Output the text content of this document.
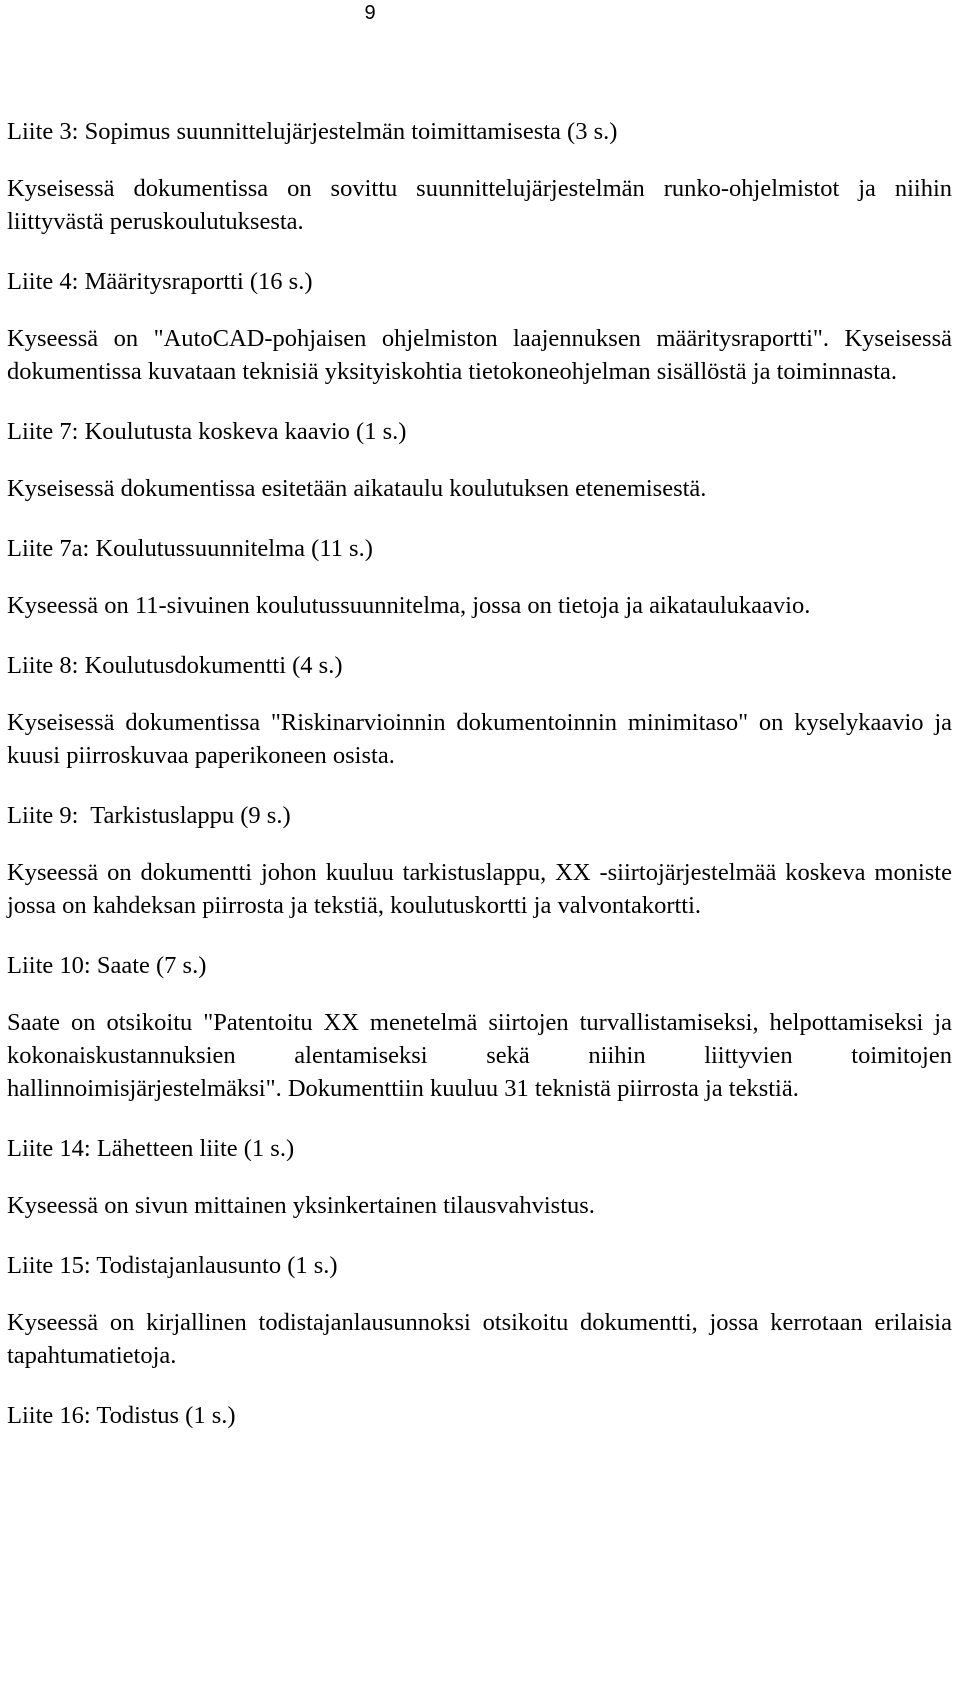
9

Liite 3: Sopimus suunnittelujärjestelmän toimittamisesta (3 s.)

Kyseisessä dokumentissa on sovittu suunnittelujärjestelmän runko-ohjelmistot ja niihin liittyvästä peruskoulutuksesta.

Liite 4: Määritysraportti (16 s.)

Kyseessä on "AutoCAD-pohjaisen ohjelmiston laajennuksen määritysraportti". Kyseisessä dokumentissa kuvataan teknisiä yksityiskohtia tietokoneohjelman sisällöstä ja toiminnasta.

Liite 7: Koulutusta koskeva kaavio (1 s.)

Kyseisessä dokumentissa esitetään aikataulu koulutuksen etenemisestä.

Liite 7a: Koulutussuunnitelma (11 s.)

Kyseessä on 11-sivuinen koulutussuunnitelma, jossa on tietoja ja aikataulukaavio.

Liite 8: Koulutusdokumentti (4 s.)

Kyseisessä dokumentissa "Riskinarvioinnin dokumentoinnin minimitaso" on kyselykaavio ja kuusi piirroskuvaa paperikoneen osista.

Liite 9:  Tarkistuslappu (9 s.)

Kyseessä on dokumentti johon kuuluu tarkistuslappu, XX -siirtojärjestelmää koskeva moniste jossa on kahdeksan piirrosta ja tekstiä, koulutuskortti ja valvontakortti.

Liite 10: Saate (7 s.)

Saate on otsikoitu "Patentoitu XX menetelmä siirtojen turvallistamiseksi, helpottamiseksi ja kokonaiskustannuksien alentamiseksi sekä niihin liittyvien toimitojen hallinnoimisjärjestelmäksi". Dokumenttiin kuuluu 31 teknistä piirrosta ja tekstiä.

Liite 14: Lähetteen liite (1 s.)

Kyseessä on sivun mittainen yksinkertainen tilausvahvistus.

Liite 15: Todistajanlausunto (1 s.)

Kyseessä on kirjallinen todistajanlausunnoksi otsikoitu dokumentti, jossa kerrotaan erilaisia tapahtumatietoja.

Liite 16: Todistus (1 s.)
